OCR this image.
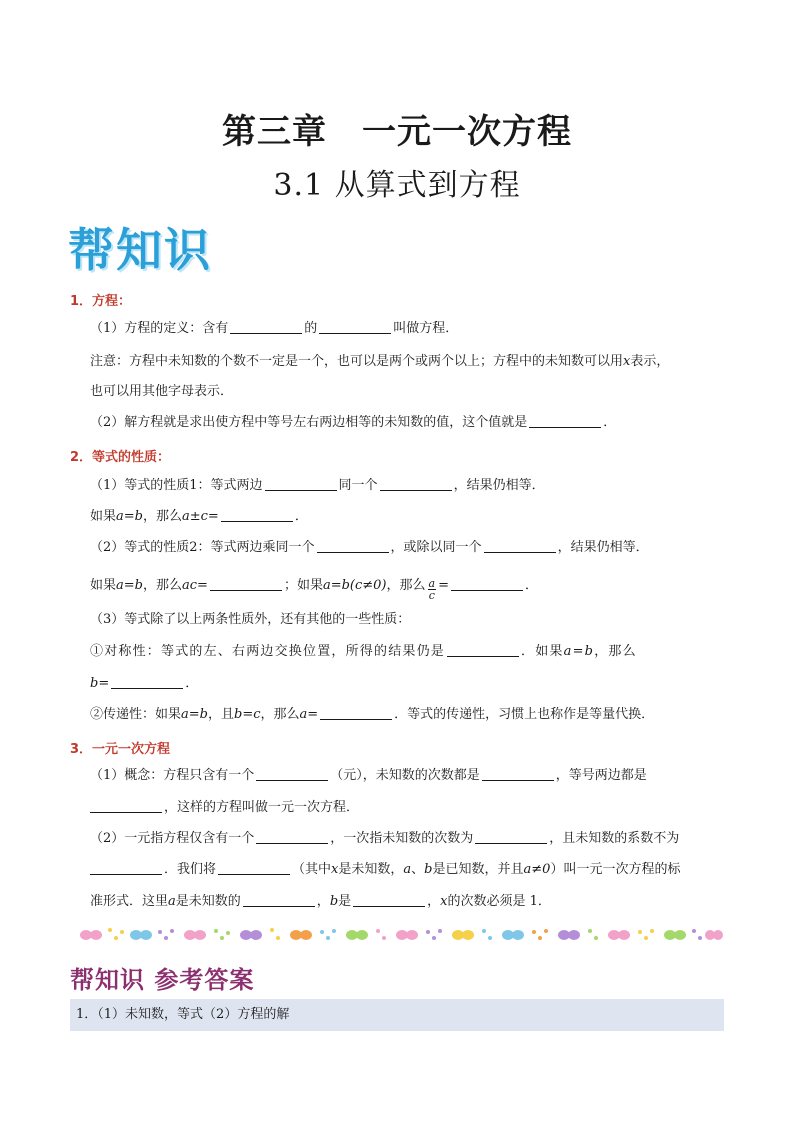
第三章　一元一次方程
3.1 从算式到方程
帮知识
1．方程：
（1）方程的定义：含有	的	叫做方程．
注意：方程中未知数的个数不一定是一个，也可以是两个或两个以上；方程中的未知数可以用x表示，
也可以用其他字母表示．
（2）解方程就是求出使方程中等号左右两边相等的未知数的值，这个值就是	．
2．等式的性质：
（1）等式的性质1：等式两边	同一个	，结果仍相等．
如果a=b，那么a±c=	．
（2）等式的性质2：等式两边乘同一个	，或除以同一个	，结果仍相等．
如果a=b，那么ac=	；如果a=b(c≠0)，那么 $\frac{a}{c}$ =	．
（3）等式除了以上两条性质外，还有其他的一些性质：
①对称性：等式的左、右两边交换位置，所得的结果仍是	．如果a=b，那么
b=	．
②传递性：如果a=b，且b=c，那么a=	．等式的传递性，习惯上也称作是等量代换．
3．一元一次方程
（1）概念：方程只含有一个	（元），未知数的次数都是	，等号两边都是
，这样的方程叫做一元一次方程．
（2）一元指方程仅含有一个	，一次指未知数的次数为	，且未知数的系数不为
．我们将	（其中x是未知数，a、b是已知数，并且a≠0）叫一元一次方程的标
准形式．这里a是未知数的	，b是	，x的次数必须是 1．
帮知识 参考答案
1．（1）未知数，等式（2）方程的解
